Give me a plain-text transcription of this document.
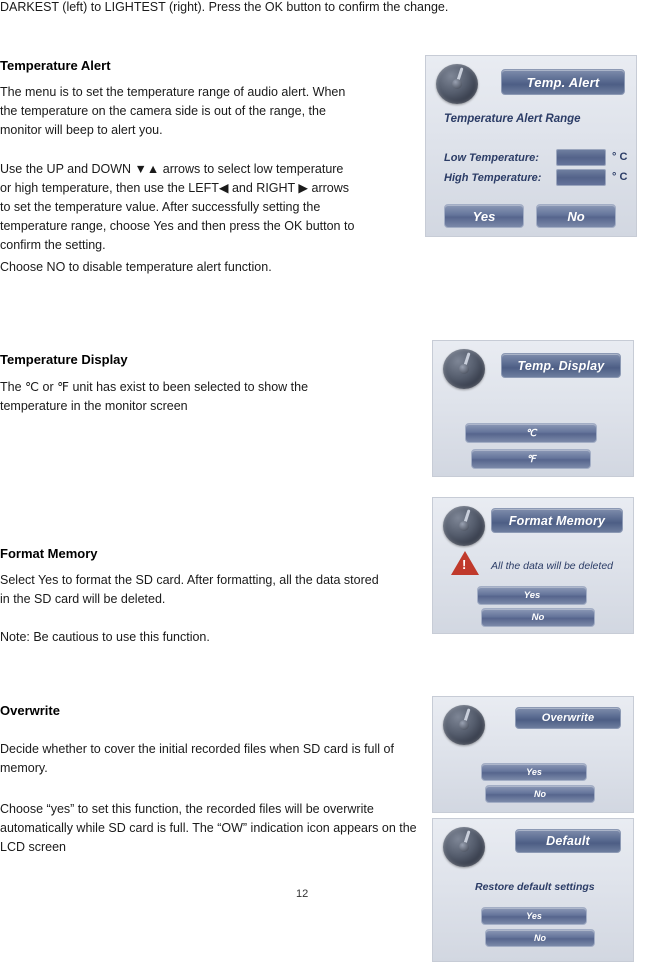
DARKEST (left) to LIGHTEST (right). Press the OK button to confirm the change.
Temperature Alert
The menu is to set the temperature range of audio alert. When the temperature on the camera side is out of the range, the monitor will beep to alert you.
Use the UP and DOWN ▼▲ arrows to select low temperature or high temperature, then use the LEFT◀ and RIGHT ▶ arrows to set the temperature value. After successfully setting the temperature range, choose Yes and then press the OK button to confirm the setting.
Choose NO to disable temperature alert function.
Temp. Alert
Temperature Alert Range
Low Temperature:	° C
High Temperature:	° C
Yes	No
Temperature Display
The ℃ or ℉ unit has exist to been selected to show the temperature in the monitor screen
Temp. Display
℃
℉
Format Memory
Select Yes to format the SD card. After formatting, all the data stored in the SD card will be deleted.
Note: Be cautious to use this function.
Format Memory
! All the data will be deleted
Yes
No
Overwrite
Decide whether to cover the initial recorded files when SD card is full of memory.
Choose “yes” to set this function, the recorded files will be overwrite automatically while SD card is full. The “OW” indication icon appears on the LCD screen
Overwrite
Yes
No
Default
Restore default settings
Yes
No
12
